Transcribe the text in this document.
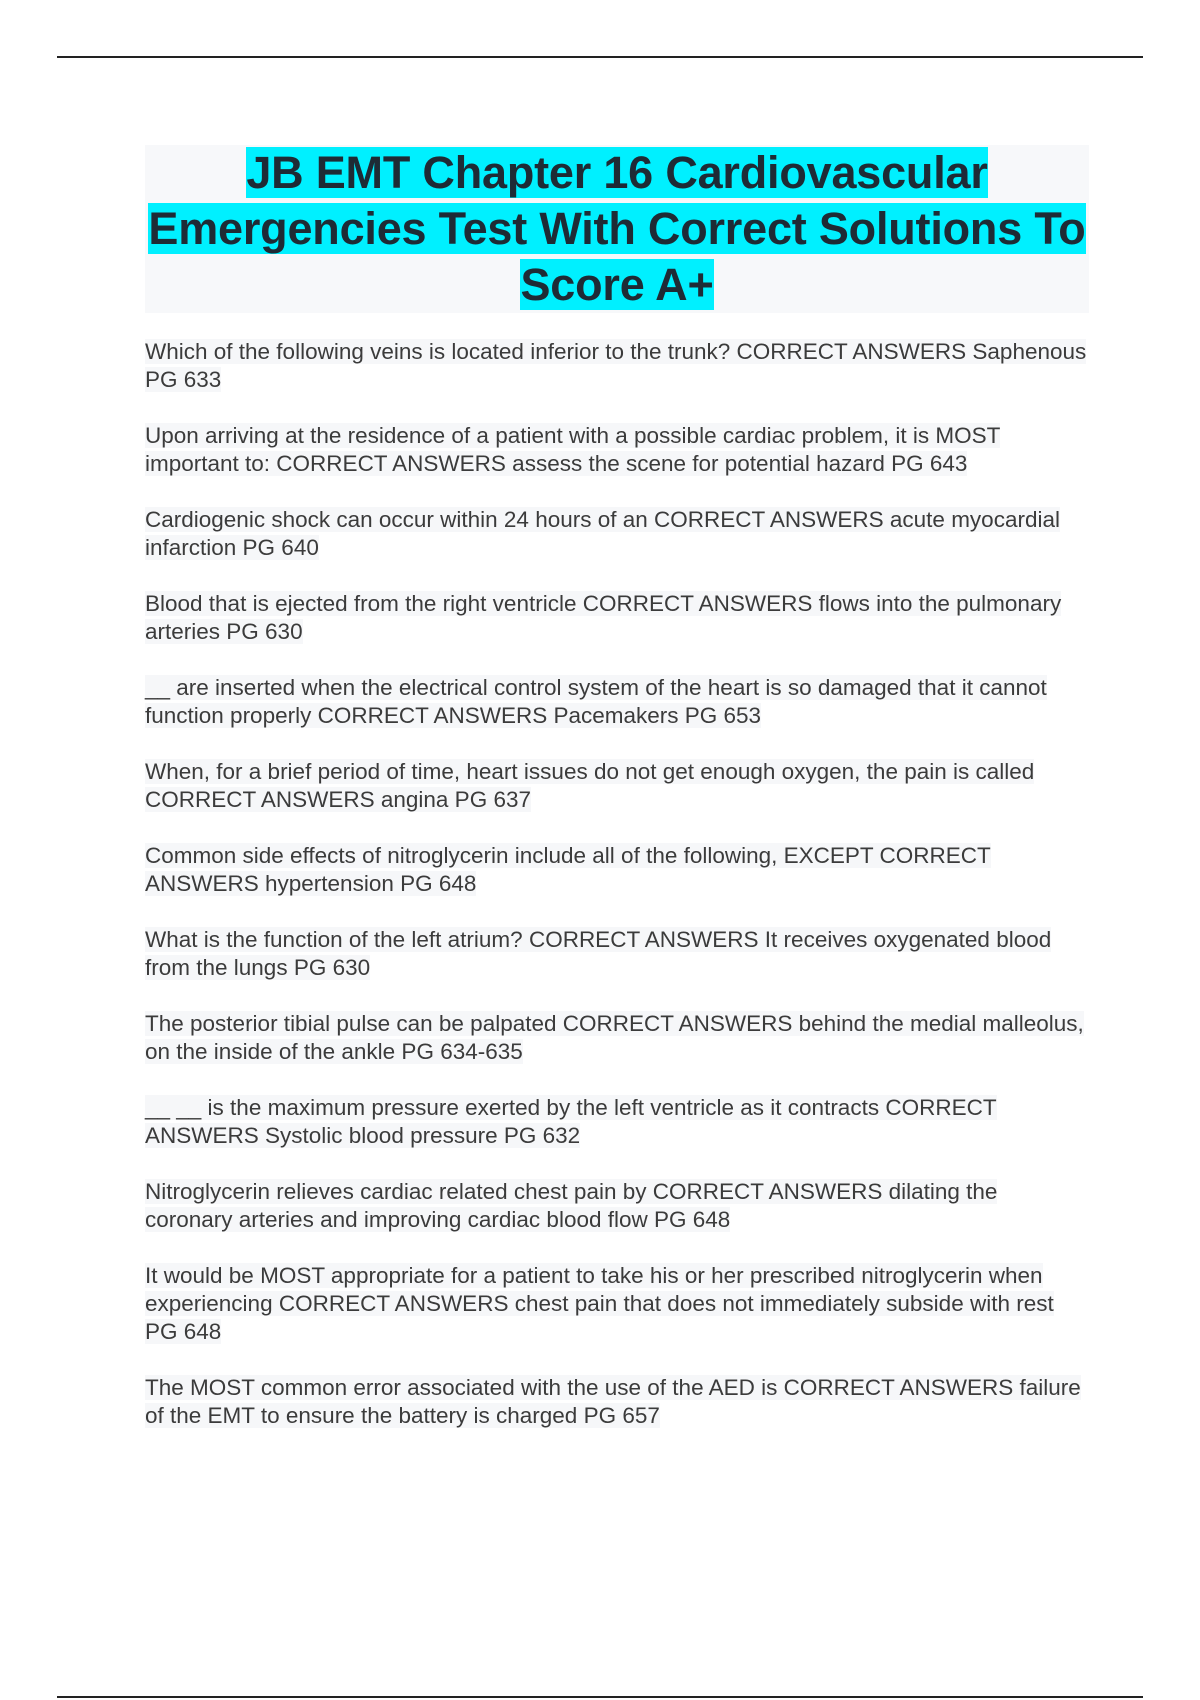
JB EMT Chapter 16 Cardiovascular Emergencies Test With Correct Solutions To Score A+

Which of the following veins is located inferior to the trunk? CORRECT ANSWERS Saphenous PG 633

Upon arriving at the residence of a patient with a possible cardiac problem, it is MOST important to: CORRECT ANSWERS assess the scene for potential hazard PG 643

Cardiogenic shock can occur within 24 hours of an CORRECT ANSWERS acute myocardial infarction PG 640

Blood that is ejected from the right ventricle CORRECT ANSWERS flows into the pulmonary arteries PG 630

__ are inserted when the electrical control system of the heart is so damaged that it cannot function properly CORRECT ANSWERS Pacemakers PG 653

When, for a brief period of time, heart issues do not get enough oxygen, the pain is called CORRECT ANSWERS angina PG 637

Common side effects of nitroglycerin include all of the following, EXCEPT CORRECT ANSWERS hypertension PG 648

What is the function of the left atrium? CORRECT ANSWERS It receives oxygenated blood from the lungs PG 630

The posterior tibial pulse can be palpated CORRECT ANSWERS behind the medial malleolus, on the inside of the ankle PG 634-635

__ __ is the maximum pressure exerted by the left ventricle as it contracts CORRECT ANSWERS Systolic blood pressure PG 632

Nitroglycerin relieves cardiac related chest pain by CORRECT ANSWERS dilating the coronary arteries and improving cardiac blood flow PG 648

It would be MOST appropriate for a patient to take his or her prescribed nitroglycerin when experiencing CORRECT ANSWERS chest pain that does not immediately subside with rest PG 648

The MOST common error associated with the use of the AED is CORRECT ANSWERS failure of the EMT to ensure the battery is charged PG 657
